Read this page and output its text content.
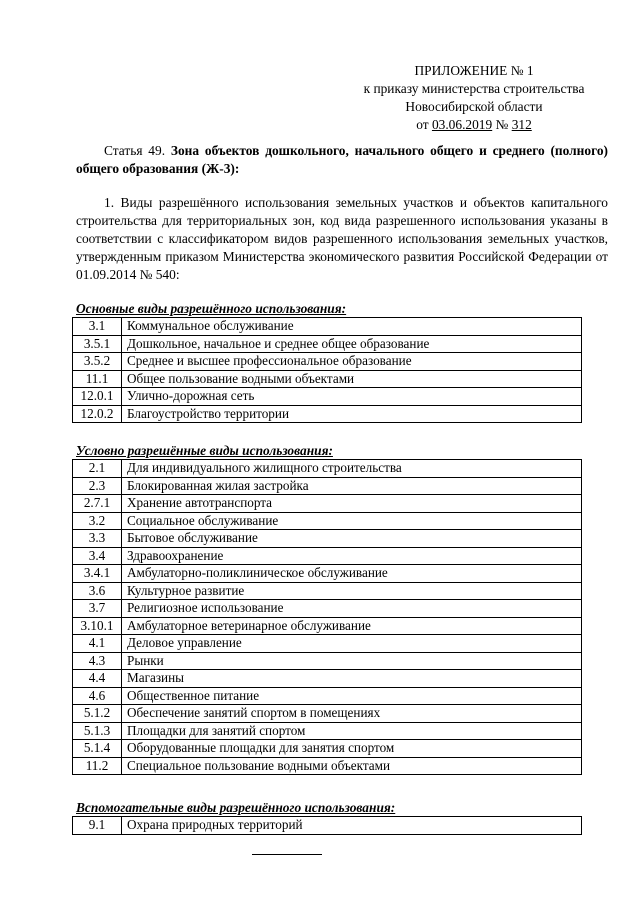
ПРИЛОЖЕНИЕ № 1
к приказу министерства строительства
Новосибирской области
от 03.06.2019 № 312
Статья 49. Зона объектов дошкольного, начального общего и среднего (полного) общего образования (Ж-3):
1. Виды разрешённого использования земельных участков и объектов капитального строительства для территориальных зон, код вида разрешенного использования указаны в соответствии с классификатором видов разрешенного использования земельных участков, утвержденным приказом Министерства экономического развития Российской Федерации от 01.09.2014 № 540:
Основные виды разрешённого использования:
3.1	Коммунальное обслуживание
3.5.1	Дошкольное, начальное и среднее общее образование
3.5.2	Среднее и высшее профессиональное образование
11.1	Общее пользование водными объектами
12.0.1	Улично-дорожная сеть
12.0.2	Благоустройство территории
Условно разрешённые виды использования:
2.1	Для индивидуального жилищного строительства
2.3	Блокированная жилая застройка
2.7.1	Хранение автотранспорта
3.2	Социальное обслуживание
3.3	Бытовое обслуживание
3.4	Здравоохранение
3.4.1	Амбулаторно-поликлиническое обслуживание
3.6	Культурное развитие
3.7	Религиозное использование
3.10.1	Амбулаторное ветеринарное обслуживание
4.1	Деловое управление
4.3	Рынки
4.4	Магазины
4.6	Общественное питание
5.1.2	Обеспечение занятий спортом в помещениях
5.1.3	Площадки для занятий спортом
5.1.4	Оборудованные площадки для занятия спортом
11.2	Специальное пользование водными объектами
Вспомогательные виды разрешённого использования:
9.1	Охрана природных территорий
